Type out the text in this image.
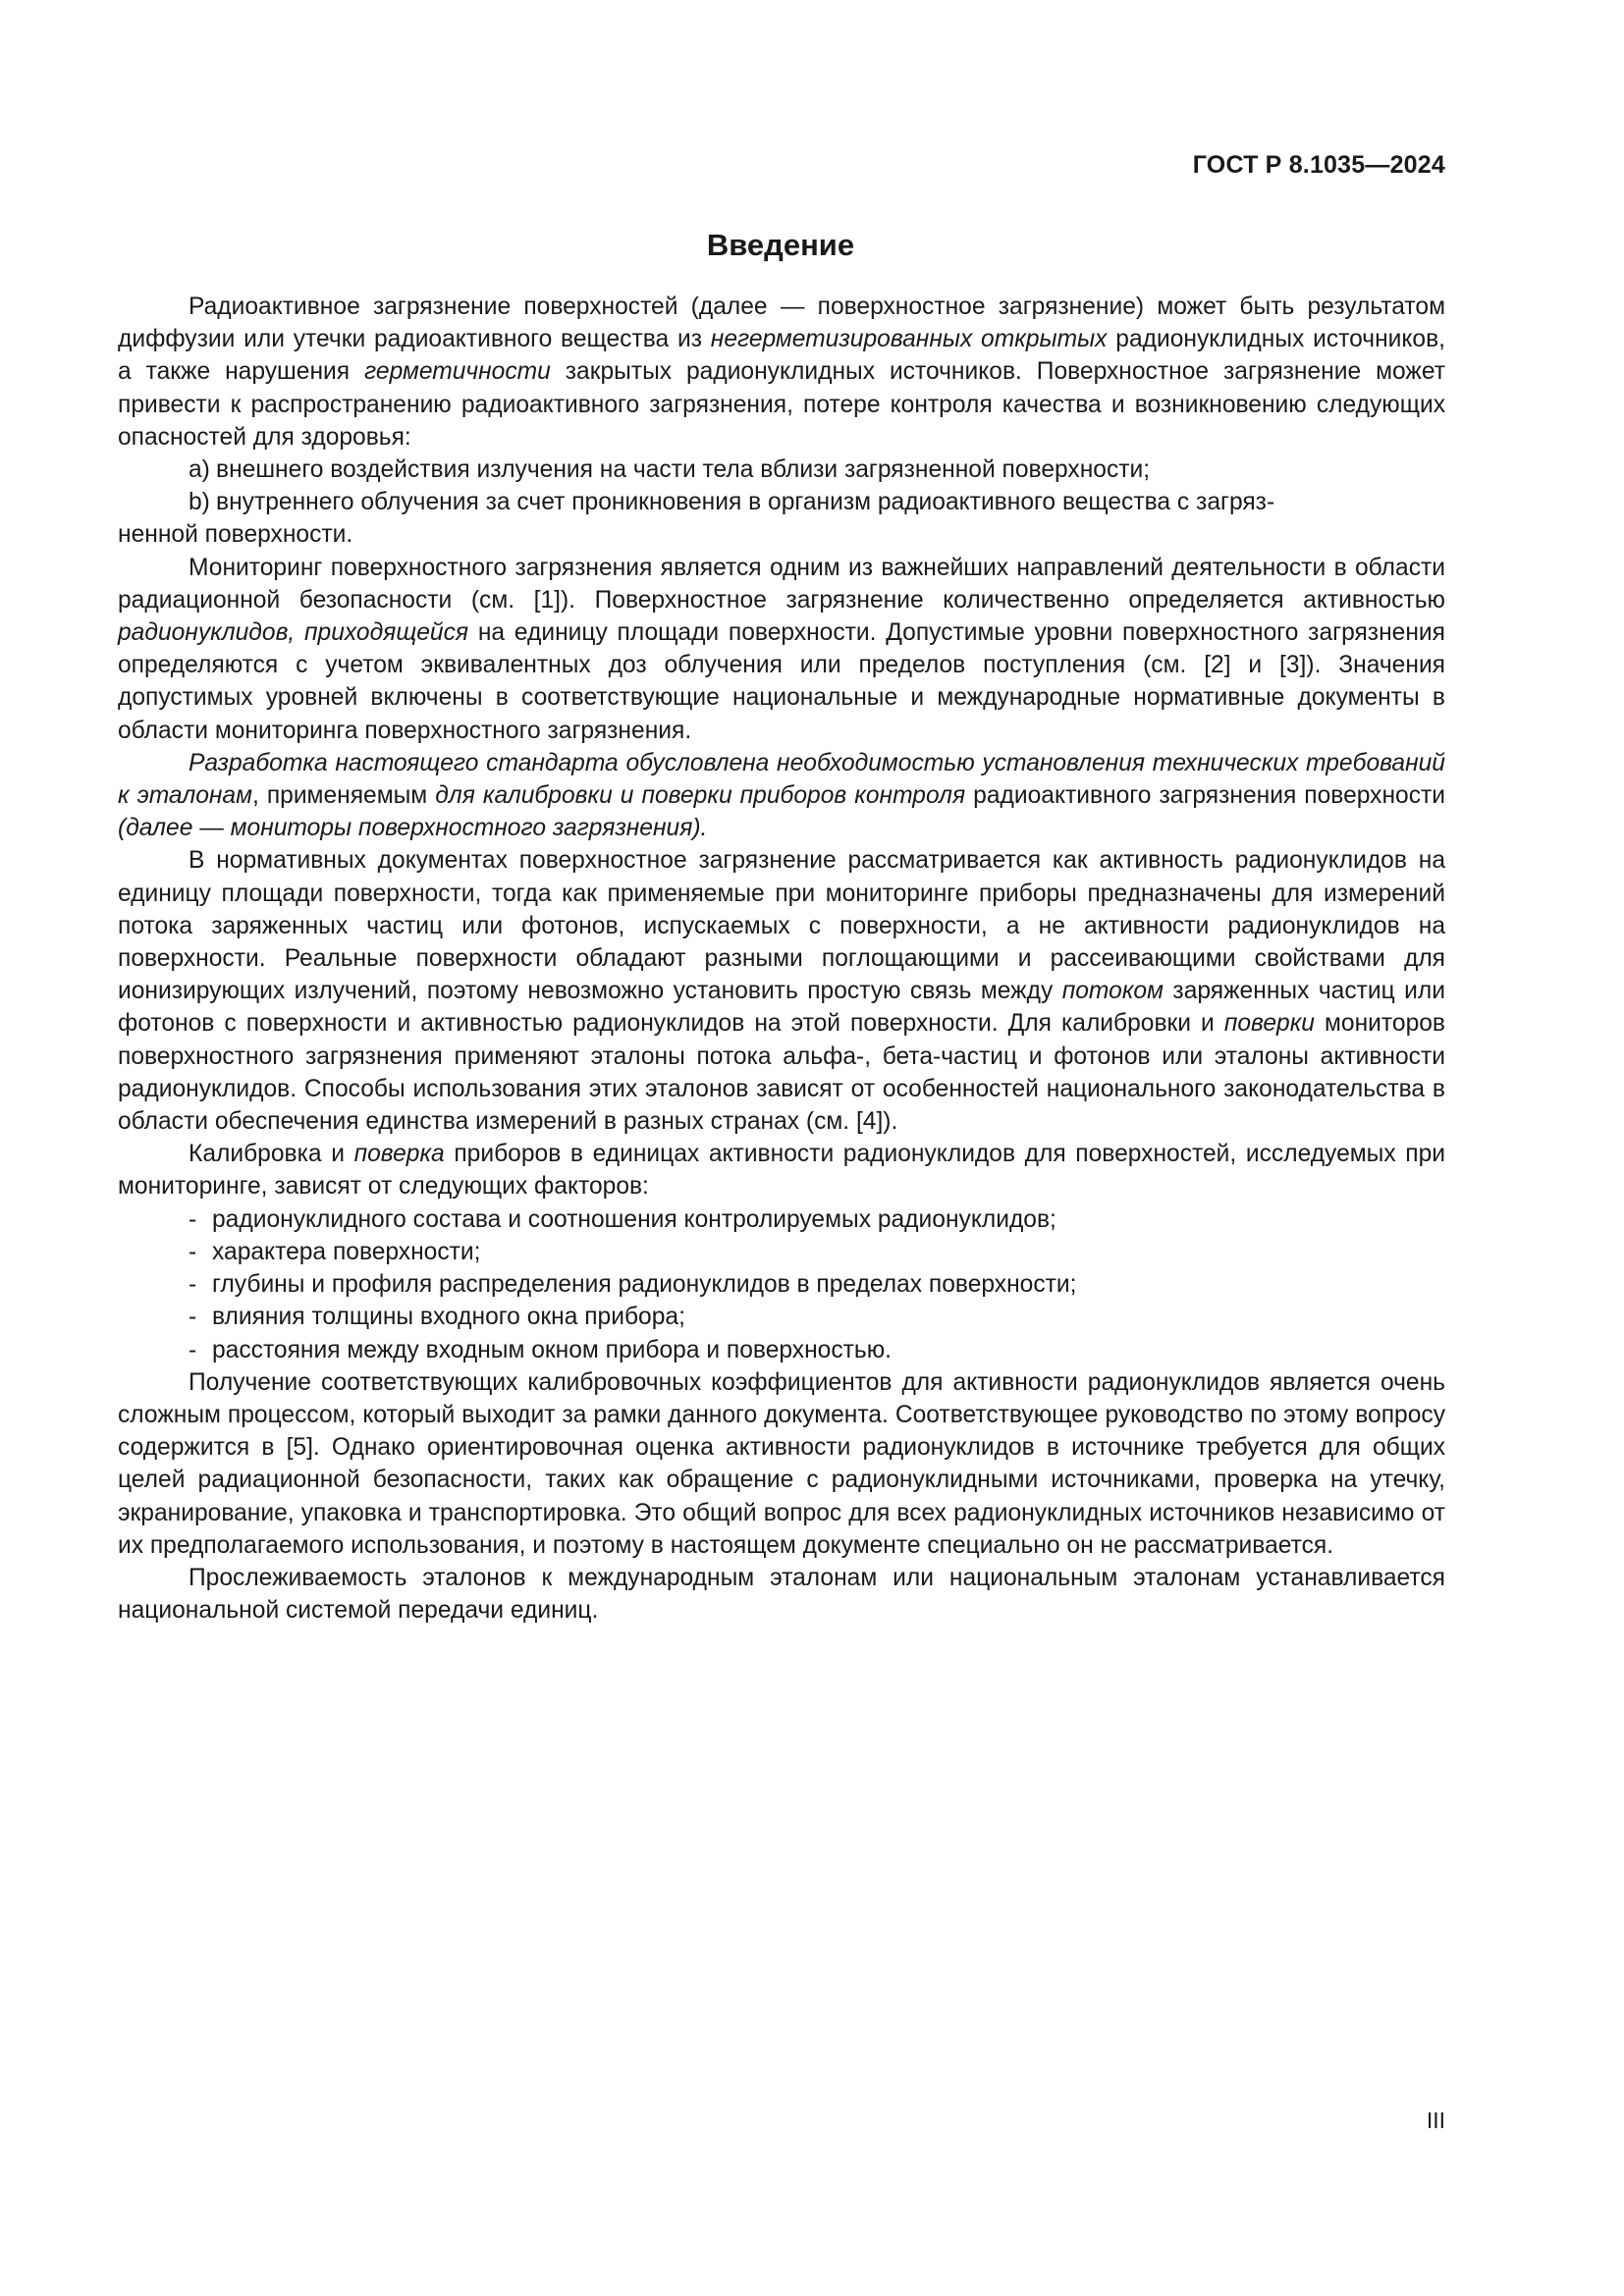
ГОСТ Р 8.1035—2024
Введение

Радиоактивное загрязнение поверхностей (далее — поверхностное загрязнение) может быть результатом диффузии или утечки радиоактивного вещества из негерметизированных открытых радионуклидных источников, а также нарушения герметичности закрытых радионуклидных источников. Поверхностное загрязнение может привести к распространению радиоактивного загрязнения, потере контроля качества и возникновению следующих опасностей для здоровья:

a) внешнего воздействия излучения на части тела вблизи загрязненной поверхности;

b) внутреннего облучения за счет проникновения в организм радиоактивного вещества с загряз-

ненной поверхности.

Мониторинг поверхностного загрязнения является одним из важнейших направлений деятельности в области радиационной безопасности (см. [1]). Поверхностное загрязнение количественно определяется активностью радионуклидов, приходящейся на единицу площади поверхности. Допустимые уровни поверхностного загрязнения определяются с учетом эквивалентных доз облучения или пределов поступления (см. [2] и [3]). Значения допустимых уровней включены в соответствующие национальные и международные нормативные документы в области мониторинга поверхностного загрязнения.

Разработка настоящего стандарта обусловлена необходимостью установления технических требований к эталонам, применяемым для калибровки и поверки приборов контроля радиоактивного загрязнения поверхности (далее — мониторы поверхностного загрязнения).

В нормативных документах поверхностное загрязнение рассматривается как активность радионуклидов на единицу площади поверхности, тогда как применяемые при мониторинге приборы предназначены для измерений потока заряженных частиц или фотонов, испускаемых с поверхности, а не активности радионуклидов на поверхности. Реальные поверхности обладают разными поглощающими и рассеивающими свойствами для ионизирующих излучений, поэтому невозможно установить простую связь между потоком заряженных частиц или фотонов с поверхности и активностью радионуклидов на этой поверхности. Для калибровки и поверки мониторов поверхностного загрязнения применяют эталоны потока альфа-, бета-частиц и фотонов или эталоны активности радионуклидов. Способы использования этих эталонов зависят от особенностей национального законодательства в области обеспечения единства измерений в разных странах (см. [4]).

Калибровка и поверка приборов в единицах активности радионуклидов для поверхностей, исследуемых при мониторинге, зависят от следующих факторов:

- радионуклидного состава и соотношения контролируемых радионуклидов;

- характера поверхности;

- глубины и профиля распределения радионуклидов в пределах поверхности;

- влияния толщины входного окна прибора;

- расстояния между входным окном прибора и поверхностью.

Получение соответствующих калибровочных коэффициентов для активности радионуклидов является очень сложным процессом, который выходит за рамки данного документа. Соответствующее руководство по этому вопросу содержится в [5]. Однако ориентировочная оценка активности радионуклидов в источнике требуется для общих целей радиационной безопасности, таких как обращение с радионуклидными источниками, проверка на утечку, экранирование, упаковка и транспортировка. Это общий вопрос для всех радионуклидных источников независимо от их предполагаемого использования, и поэтому в настоящем документе специально он не рассматривается.

Прослеживаемость эталонов к международным эталонам или национальным эталонам устанавливается национальной системой передачи единиц.

III
